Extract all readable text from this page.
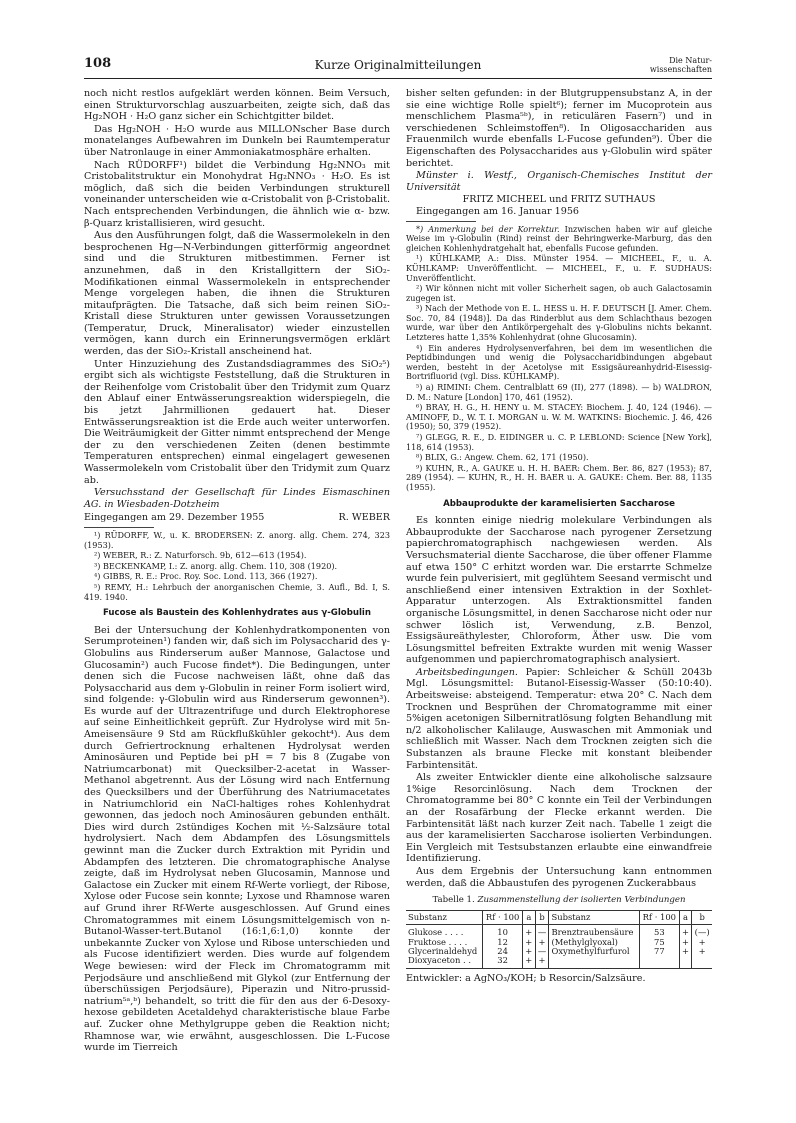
108	Kurze Originalmitteilungen	Die Natur-
wissenschaften

noch nicht restlos aufgeklärt werden können. Beim Versuch, einen Strukturvorschlag auszuarbeiten, zeigte sich, daß das Hg₂NOH · H₂O ganz sicher ein Schichtgitter bildet.

Das Hg₂NOH · H₂O wurde aus MILLONscher Base durch monatelanges Aufbewahren im Dunkeln bei Raumtemperatur über Natronlauge in einer Ammoniakatmosphäre erhalten.

Nach RÜDORFF¹) bildet die Verbindung Hg₂NNO₃ mit Cristobalitstruktur ein Monohydrat Hg₂NNO₃ · H₂O. Es ist möglich, daß sich die beiden Verbindungen strukturell voneinander unterscheiden wie α-Cristobalit von β-Cristobalit. Nach entsprechenden Verbindungen, die ähnlich wie α- bzw. β-Quarz kristallisieren, wird gesucht.

Aus den Ausführungen folgt, daß die Wassermolekeln in den besprochenen Hg—N-Verbindungen gitterförmig angeordnet sind und die Strukturen mitbestimmen. Ferner ist anzunehmen, daß in den Kristallgittern der SiO₂-Modifikationen einmal Wassermolekeln in entsprechender Menge vorgelegen haben, die ihnen die Strukturen mitaufprägten. Die Tatsache, daß sich beim reinen SiO₂-Kristall diese Strukturen unter gewissen Voraussetzungen (Temperatur, Druck, Mineralisator) wieder einzustellen vermögen, kann durch ein Erinnerungsvermögen erklärt werden, das der SiO₂-Kristall anscheinend hat.

Unter Hinzuziehung des Zustandsdiagrammes des SiO₂⁵) ergibt sich als wichtigste Feststellung, daß die Strukturen in der Reihenfolge vom Cristobalit über den Tridymit zum Quarz den Ablauf einer Entwässerungsreaktion widerspiegeln, die bis jetzt Jahrmillionen gedauert hat. Dieser Entwässerungsreaktion ist die Erde auch weiter unterworfen. Die Weiträumigkeit der Gitter nimmt entsprechend der Menge der zu den verschiedenen Zeiten (denen bestimmte Temperaturen entsprechen) einmal eingelagert gewesenen Wassermolekeln vom Cristobalit über den Tridymit zum Quarz ab.

Versuchsstand der Gesellschaft für Lindes Eismaschinen AG. in Wiesbaden-Dotzheim

Eingegangen am 29. Dezember 1955	R. WEBER

¹) RÜDORFF, W., u. K. BRODERSEN: Z. anorg. allg. Chem. 274, 323 (1953).

²) WEBER, R.: Z. Naturforsch. 9b, 612—613 (1954).

³) BECKENKAMP, I.: Z. anorg. allg. Chem. 110, 308 (1920).

⁴) GIBBS, R. E.: Proc. Roy. Soc. Lond. 113, 366 (1927).

⁵) REMY, H.: Lehrbuch der anorganischen Chemie, 3. Aufl., Bd. I, S. 419. 1940.

Fucose als Baustein des Kohlenhydrates aus γ-Globulin

Bei der Untersuchung der Kohlenhydratkomponenten von Serumproteinen¹) fanden wir, daß sich im Polysaccharid des γ-Globulins aus Rinderserum außer Mannose, Galactose und Glucosamin²) auch Fucose findet*). Die Bedingungen, unter denen sich die Fucose nachweisen läßt, ohne daß das Polysaccharid aus dem γ-Globulin in reiner Form isoliert wird, sind folgende: γ-Globulin wird aus Rinderserum gewonnen³). Es wurde auf der Ultrazentrifuge und durch Elektrophorese auf seine Einheitlichkeit geprüft. Zur Hydrolyse wird mit 5n-Ameisensäure 9 Std am Rückflußkühler gekocht⁴). Aus dem durch Gefriertrocknung erhaltenen Hydrolysat werden Aminosäuren und Peptide bei pH = 7 bis 8 (Zugabe von Natriumcarbonat) mit Quecksilber-2-acetat in Wasser-Methanol abgetrennt. Aus der Lösung wird nach Entfernung des Quecksilbers und der Überführung des Natriumacetates in Natriumchlorid ein NaCl-haltiges rohes Kohlenhydrat gewonnen, das jedoch noch Aminosäuren gebunden enthält. Dies wird durch 2stündiges Kochen mit ½-Salzsäure total hydrolysiert. Nach dem Abdampfen des Lösungsmittels gewinnt man die Zucker durch Extraktion mit Pyridin und Abdampfen des letzteren. Die chromatographische Analyse zeigte, daß im Hydrolysat neben Glucosamin, Mannose und Galactose ein Zucker mit einem Rf-Werte vorliegt, der Ribose, Xylose oder Fucose sein konnte; Lyxose und Rhamnose waren auf Grund ihrer Rf-Werte ausgeschlossen. Auf Grund eines Chromatogrammes mit einem Lösungsmittelgemisch von n-Butanol-Wasser-tert.Butanol (16:1,6:1,0) konnte der unbekannte Zucker von Xylose und Ribose unterschieden und als Fucose identifiziert werden. Dies wurde auf folgendem Wege bewiesen: wird der Fleck im Chromatogramm mit Perjodsäure und anschließend mit Glykol (zur Entfernung der überschüssigen Perjodsäure), Piperazin und Nitro-prussid-natrium⁵ᵃ,ᵇ) behandelt, so tritt die für den aus der 6-Desoxy-hexose gebildeten Acetaldehyd charakteristische blaue Farbe auf. Zucker ohne Methylgruppe geben die Reaktion nicht; Rhamnose war, wie erwähnt, ausgeschlossen. Die L-Fucose wurde im Tierreich

bisher selten gefunden: in der Blutgruppensubstanz A, in der sie eine wichtige Rolle spielt⁶); ferner im Mucoprotein aus menschlichem Plasma⁵ᵇ), in reticulären Fasern⁷) und in verschiedenen Schleimstoffen⁸). In Oligosacchariden aus Frauenmilch wurde ebenfalls L-Fucose gefunden⁹). Über die Eigenschaften des Polysaccharides aus γ-Globulin wird später berichtet.

Münster i. Westf., Organisch-Chemisches Institut der Universität

FRITZ MICHEEL und FRITZ SUTHAUS

Eingegangen am 16. Januar 1956

*) Anmerkung bei der Korrektur. Inzwischen haben wir auf gleiche Weise im γ-Globulin (Rind) reinst der Behringwerke-Marburg, das den gleichen Kohlenhydratgehalt hat, ebenfalls Fucose gefunden.

¹) KÜHLKAMP, A.: Diss. Münster 1954. — MICHEEL, F., u. A. KÜHLKAMP: Unveröffentlicht. — MICHEEL, F., u. F. SUDHAUS: Unveröffentlicht.

²) Wir können nicht mit voller Sicherheit sagen, ob auch Galactosamin zugegen ist.

³) Nach der Methode von E. L. HESS u. H. F. DEUTSCH [J. Amer. Chem. Soc. 70, 84 (1948)]. Da das Rinderblut aus dem Schlachthaus bezogen wurde, war über den Antikörpergehalt des γ-Globulins nichts bekannt. Letzteres hatte 1,35% Kohlenhydrat (ohne Glucosamin).

⁴) Ein anderes Hydrolysenverfahren, bei dem im wesentlichen die Peptidbindungen und wenig die Polysaccharidbindungen abgebaut werden, besteht in der Acetolyse mit Essigsäureanhydrid-Eisessig-Bortrifluorid (vgl. Diss. KÜHLKAMP).

⁵) a) RIMINI: Chem. Centralblatt 69 (II), 277 (1898). — b) WALDRON, D. M.: Nature [London] 170, 461 (1952).

⁶) BRAY, H. G., H. HENY u. M. STACEY: Biochem. J. 40, 124 (1946). — AMINOFF, D., W. T. I. MORGAN u. W. M. WATKINS: Biochemic. J. 46, 426 (1950); 50, 379 (1952).

⁷) GLEGG, R. E., D. EIDINGER u. C. P. LEBLOND: Science [New York], 118, 614 (1953).

⁸) BLIX, G.: Angew. Chem. 62, 171 (1950).

⁹) KUHN, R., A. GAUKE u. H. H. BAER: Chem. Ber. 86, 827 (1953); 87, 289 (1954). — KUHN, R., H. H. BAER u. A. GAUKE: Chem. Ber. 88, 1135 (1955).

Abbauprodukte der karamelisierten Saccharose

Es konnten einige niedrig molekulare Verbindungen als Abbauprodukte der Saccharose nach pyrogener Zersetzung papierchromatographisch nachgewiesen werden. Als Versuchsmaterial diente Saccharose, die über offener Flamme auf etwa 150° C erhitzt worden war. Die erstarrte Schmelze wurde fein pulverisiert, mit geglühtem Seesand vermischt und anschließend einer intensiven Extraktion in der Soxhlet-Apparatur unterzogen. Als Extraktionsmittel fanden organische Lösungsmittel, in denen Saccharose nicht oder nur schwer löslich ist, Verwendung, z.B. Benzol, Essigsäureäthylester, Chloroform, Äther usw. Die vom Lösungsmittel befreiten Extrakte wurden mit wenig Wasser aufgenommen und papierchromatographisch analysiert.

Arbeitsbedingungen. Papier: Schleicher & Schüll 2043b Mgl. Lösungsmittel: Butanol-Eisessig-Wasser (50:10:40). Arbeitsweise: absteigend. Temperatur: etwa 20° C. Nach dem Trocknen und Besprühen der Chromatogramme mit einer 5%igen acetonigen Silbernitratlösung folgten Behandlung mit n/2 alkoholischer Kalilauge, Auswaschen mit Ammoniak und schließlich mit Wasser. Nach dem Trocknen zeigten sich die Substanzen als braune Flecke mit konstant bleibender Farbintensität.

Als zweiter Entwickler diente eine alkoholische salzsaure 1%ige Resorcinlösung. Nach dem Trocknen der Chromatogramme bei 80° C konnte ein Teil der Verbindungen an der Rosafärbung der Flecke erkannt werden. Die Farbintensität läßt nach kurzer Zeit nach. Tabelle 1 zeigt die aus der karamelisierten Saccharose isolierten Verbindungen. Ein Vergleich mit Testsubstanzen erlaubte eine einwandfreie Identifizierung.

Aus dem Ergebnis der Untersuchung kann entnommen werden, daß die Abbaustufen des pyrogenen Zuckerabbaus

Tabelle 1. Zusammenstellung der isolierten Verbindungen
Substanz	Rf · 100	a	b	Substanz	Rf · 100	a	b
Glukose . . . .	10	+	—	Brenztraubensäure	53	+	(—)
Fruktose . . . .	12	+	+	(Methylglyoxal)	75	+	+
Glycerinaldehyd	24	+	—	Oxymethylfurfurol	77	+	+
Dioxyaceton . .	32	+	+				

Entwickler: a AgNO₃/KOH; b Resorcin/Salzsäure.
